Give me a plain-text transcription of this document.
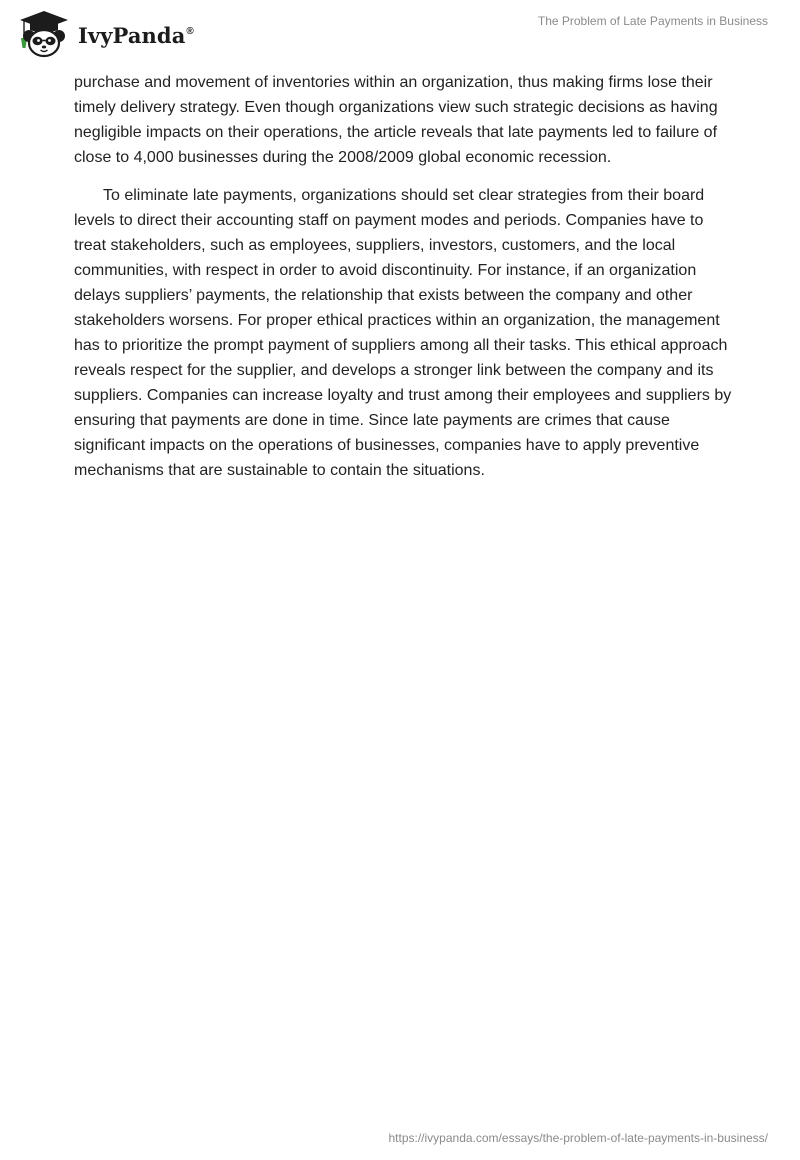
IvyPanda®
The Problem of Late Payments in Business

purchase and movement of inventories within an organization, thus making firms lose their timely delivery strategy. Even though organizations view such strategic decisions as having negligible impacts on their operations, the article reveals that late payments led to failure of close to 4,000 businesses during the 2008/2009 global economic recession.

To eliminate late payments, organizations should set clear strategies from their board levels to direct their accounting staff on payment modes and periods. Companies have to treat stakeholders, such as employees, suppliers, investors, customers, and the local communities, with respect in order to avoid discontinuity. For instance, if an organization delays suppliers’ payments, the relationship that exists between the company and other stakeholders worsens. For proper ethical practices within an organization, the management has to prioritize the prompt payment of suppliers among all their tasks. This ethical approach reveals respect for the supplier, and develops a stronger link between the company and its suppliers. Companies can increase loyalty and trust among their employees and suppliers by ensuring that payments are done in time. Since late payments are crimes that cause significant impacts on the operations of businesses, companies have to apply preventive mechanisms that are sustainable to contain the situations.

https://ivypanda.com/essays/the-problem-of-late-payments-in-business/
